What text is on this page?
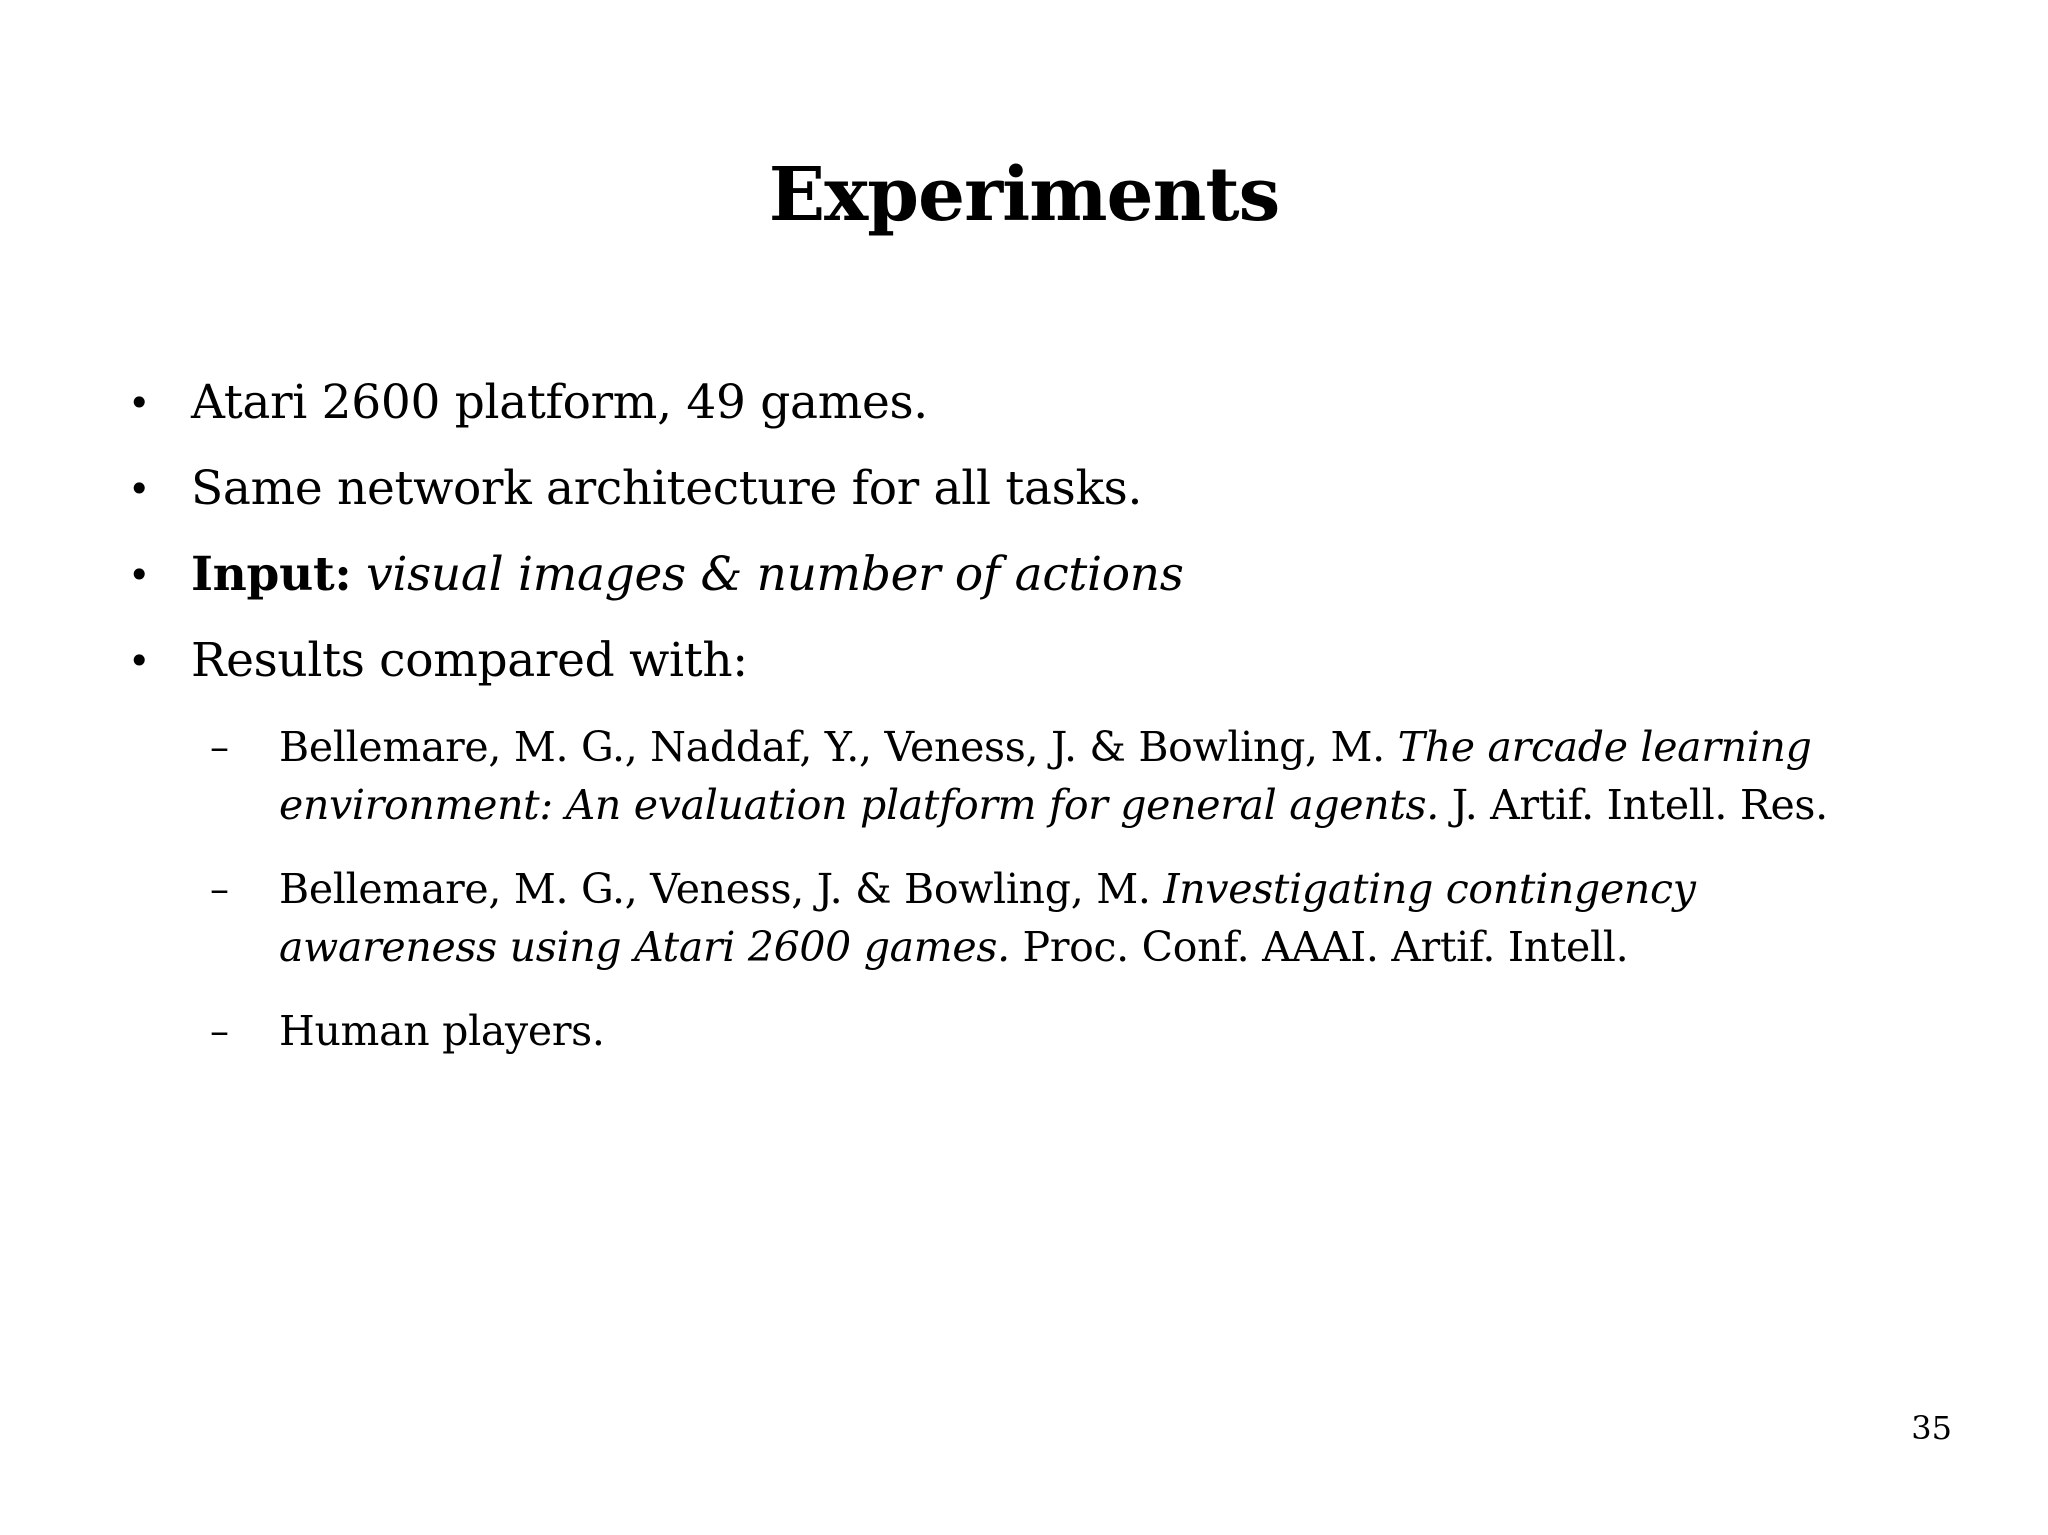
Experiments
• Atari 2600 platform, 49 games.
• Same network architecture for all tasks.
• Input: visual images & number of actions
• Results compared with:
– Bellemare, M. G., Naddaf, Y., Veness, J. & Bowling, M. The arcade learning environment: An evaluation platform for general agents. J. Artif. Intell. Res.
– Bellemare, M. G., Veness, J. & Bowling, M. Investigating contingency awareness using Atari 2600 games. Proc. Conf. AAAI. Artif. Intell.
– Human players.
35
